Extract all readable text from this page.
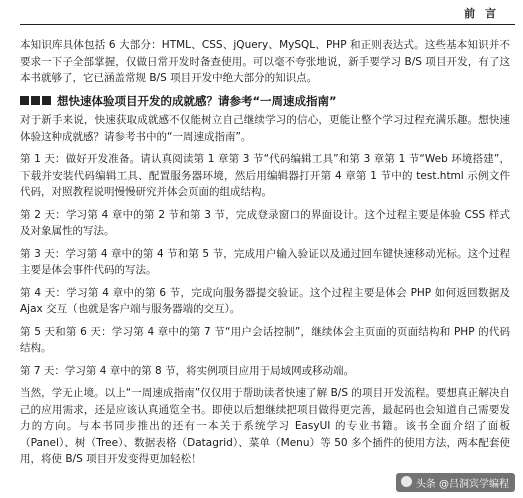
前 言

本知识库具体包括 6 大部分：HTML、CSS、jQuery、MySQL、PHP 和正则表达式。这些基本知识并不要求一下子全部掌握，仅做日常开发时备查使用。可以毫不夸张地说，新手要学习 B/S 项目开发，有了这本书就够了，它已涵盖常规 B/S 项目开发中绝大部分的知识点。

想快速体验项目开发的成就感？请参考“一周速成指南”

对于新手来说，快速获取成就感不仅能树立自己继续学习的信心，更能让整个学习过程充满乐趣。想快速体验这种成就感？请参考书中的“一周速成指南”。

第 1 天：做好开发准备。请认真阅读第 1 章第 3 节“代码编辑工具”和第 3 章第 1 节“Web 环境搭建”，下载并安装代码编辑工具、配置服务器环境，然后用编辑器打开第 4 章第 1 节中的 test.html 示例文件代码，对照教程说明慢慢研究并体会页面的组成结构。

第 2 天：学习第 4 章中的第 2 节和第 3 节，完成登录窗口的界面设计。这个过程主要是体验 CSS 样式及对象属性的写法。

第 3 天：学习第 4 章中的第 4 节和第 5 节，完成用户输入验证以及通过回车键快速移动光标。这个过程主要是体会事件代码的写法。

第 4 天：学习第 4 章中的第 6 节，完成向服务器提交验证。这个过程主要是体会 PHP 如何返回数据及 Ajax 交互（也就是客户端与服务器端的交互）。

第 5 天和第 6 天：学习第 4 章中的第 7 节“用户会话控制”，继续体会主页面的页面结构和 PHP 的代码结构。

第 7 天：学习第 4 章中的第 8 节，将实例项目应用于局域网或移动端。

当然，学无止境。以上“一周速成指南”仅仅用于帮助读者快速了解 B/S 的项目开发流程。要想真正解决自己的应用需求，还是应该认真通览全书。即使以后想继续把项目做得更完善，最起码也会知道自己需要发力的方向。与本书同步推出的还有一本关于系统学习 EasyUI 的专业书籍。该书全面介绍了面板（Panel）、树（Tree）、数据表格（Datagrid）、菜单（Menu）等 50 多个插件的使用方法，两本配套使用，将使 B/S 项目开发变得更加轻松！

头条 @吕洞宾学编程
